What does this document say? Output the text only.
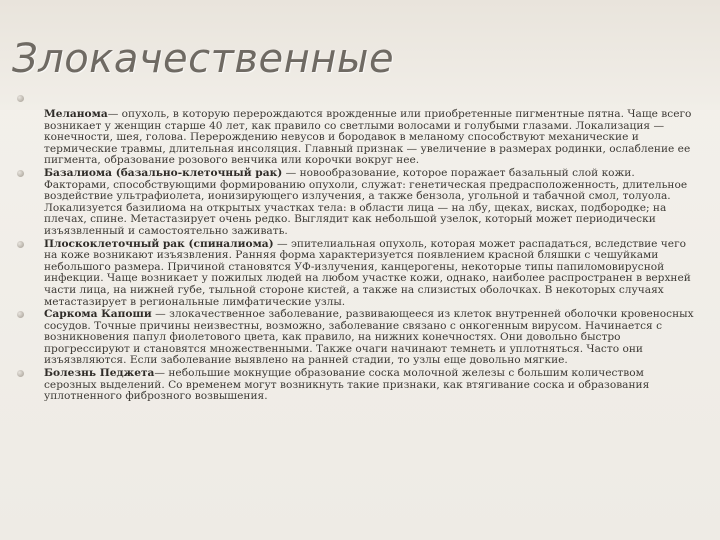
Злокачественные
Меланома— опухоль, в которую перерождаются врожденные или приобретенные пигментные пятна. Чаще всего возникает у женщин старше 40 лет, как правило со светлыми волосами и голубыми глазами. Локализация — конечности, шея, голова. Перерождению невусов и бородавок в меланому способствуют механические и термические травмы, длительная инсоляция. Главный признак — увеличение в размерах родинки, ослабление ее пигмента, образование розового венчика или корочки вокруг нее.
Базалиома (базально-клеточный рак) — новообразование, которое поражает базальный слой кожи. Факторами, способствующими формированию опухоли, служат: генетическая предрасположенность, длительное воздействие ультрафиолета, ионизирующего излучения, а также бензола, угольной и табачной смол, толуола. Локализуется базилиома на открытых участках тела: в области лица — на лбу, щеках, висках, подбородке; на плечах, спине. Метастазирует очень редко. Выглядит как небольшой узелок, который может периодически изъязвленный и самостоятельно заживать.
Плоскоклеточный рак (спиналиома) — эпителиальная опухоль, которая может распадаться, вследствие чего на коже возникают изъязвления. Ранняя форма характеризуется появлением красной бляшки с чешуйками небольшого размера. Причиной становятся УФ-излучения, канцерогены, некоторые типы папиломовирусной инфекции. Чаще возникает у пожилых людей на любом участке кожи, однако, наиболее распространен в верхней части лица, на нижней губе, тыльной стороне кистей, а также на слизистых оболочках. В некоторых случаях метастазирует в региональные лимфатические узлы.
Саркома Капоши — злокачественное заболевание, развивающееся из клеток внутренней оболочки кровеносных сосудов. Точные причины неизвестны, возможно, заболевание связано с онкогенным вирусом. Начинается с возникновения папул фиолетового цвета, как правило, на нижних конечностях. Они довольно быстро прогрессируют и становятся множественными. Также очаги начинают темнеть и уплотняться. Часто они изъязвляются. Если заболевание выявлено на ранней стадии, то узлы еще довольно мягкие.
Болезнь Педжета— небольшие мокнущие образование соска молочной железы с большим количеством серозных выделений. Со временем могут возникнуть такие признаки, как втягивание соска и образования уплотненного фиброзного возвышения.
